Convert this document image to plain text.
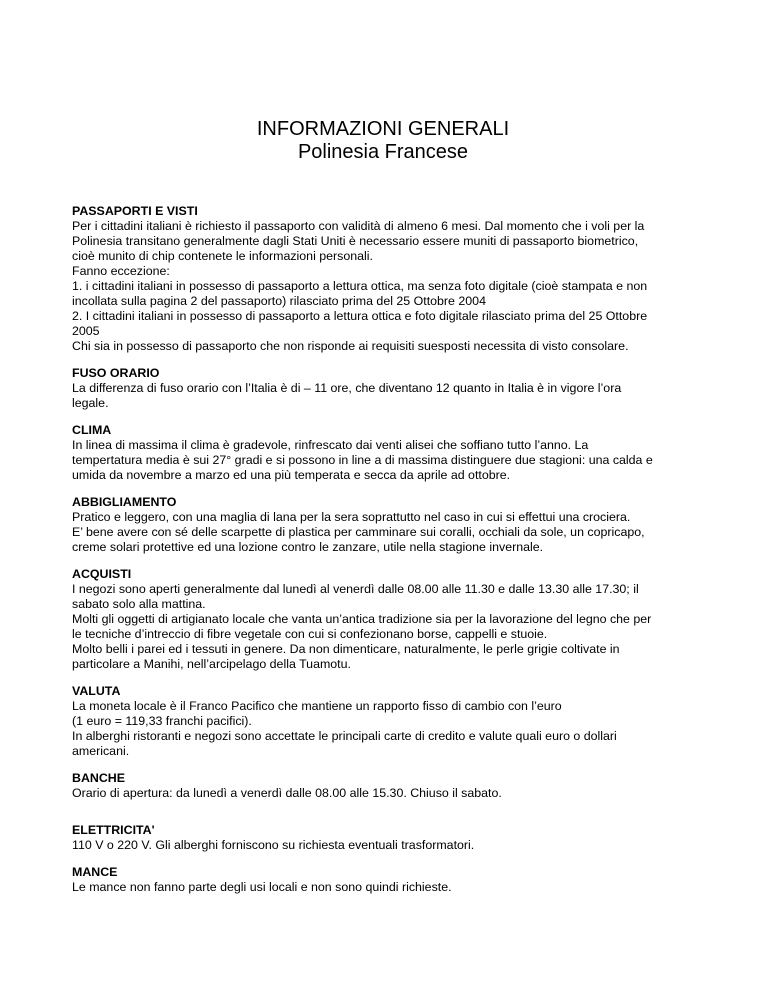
INFORMAZIONI GENERALI

Polinesia Francese

PASSAPORTI E VISTI

Per i cittadini italiani è richiesto il passaporto con validità di almeno 6 mesi. Dal momento che i voli per la

Polinesia transitano generalmente dagli Stati Uniti è necessario essere muniti di passaporto biometrico,

cioè munito di chip contenete le informazioni personali.

Fanno eccezione:

1. i cittadini italiani in possesso di passaporto a lettura ottica, ma senza foto digitale (cioè stampata e non

incollata sulla pagina 2 del passaporto) rilasciato prima del 25 Ottobre 2004

2. I cittadini italiani in possesso di passaporto a lettura ottica e foto digitale rilasciato prima del 25 Ottobre

2005

Chi sia in possesso di passaporto che non risponde ai requisiti suesposti necessita di visto consolare.

FUSO ORARIO

La differenza di fuso orario con l’Italia è di – 11 ore, che diventano 12 quanto in Italia è in vigore l’ora

legale.

CLIMA

In linea di massima il clima è gradevole, rinfrescato dai venti alisei che soffiano tutto l’anno. La

tempertatura media è sui 27° gradi e si possono in line a di massima distinguere due stagioni: una calda e

umida da novembre a marzo ed una più temperata e secca da aprile ad ottobre.

ABBIGLIAMENTO

Pratico e leggero, con una maglia di lana per la sera soprattutto nel caso in cui si effettui una crociera.

E’ bene avere con sé delle scarpette di plastica per camminare sui coralli, occhiali da sole, un copricapo,

creme solari protettive ed una lozione contro le zanzare, utile nella stagione invernale.

ACQUISTI

I negozi sono aperti generalmente dal lunedì al venerdì dalle 08.00 alle 11.30 e dalle 13.30 alle 17.30; il

sabato solo alla mattina.

Molti gli oggetti di artigianato locale che vanta un’antica tradizione sia per la lavorazione del legno che per

le tecniche d’intreccio di fibre vegetale con cui si confezionano borse, cappelli e stuoie.

Molto belli i parei ed i tessuti in genere. Da non dimenticare, naturalmente, le perle grigie coltivate in

particolare a Manihi, nell’arcipelago della Tuamotu.

VALUTA

La moneta locale è il Franco Pacifico che mantiene un rapporto fisso di cambio con l’euro

(1 euro = 119,33 franchi pacifici).

In alberghi ristoranti e negozi sono accettate le principali carte di credito e valute quali euro o dollari

americani.

BANCHE

Orario di apertura: da lunedì a venerdì dalle 08.00 alle 15.30. Chiuso il sabato.

ELETTRICITA'

110 V o 220 V. Gli alberghi forniscono su richiesta eventuali trasformatori.

MANCE

Le mance non fanno parte degli usi locali e non sono quindi richieste.
